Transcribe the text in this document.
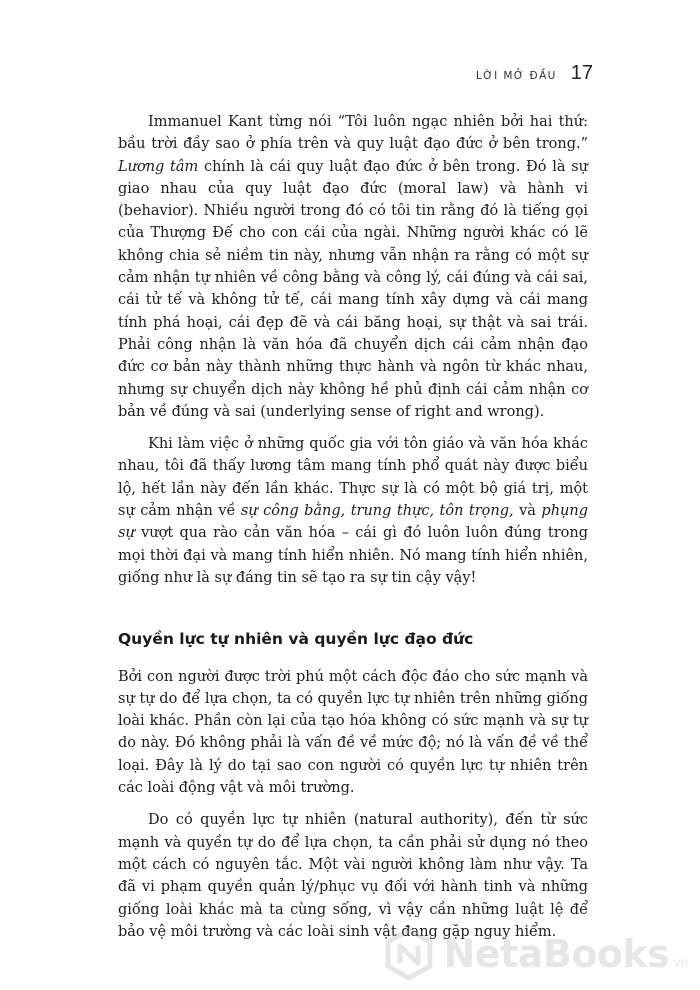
LỜI MỞ ĐẦU 17

Immanuel Kant từng nói “Tôi luôn ngạc nhiên bởi hai thứ: bầu trời đầy sao ở phía trên và quy luật đạo đức ở bên trong.” Lương tâm chính là cái quy luật đạo đức ở bên trong. Đó là sự giao nhau của quy luật đạo đức (moral law) và hành vi (behavior). Nhiều người trong đó có tôi tin rằng đó là tiếng gọi của Thượng Đế cho con cái của ngài. Những người khác có lẽ không chia sẻ niềm tin này, nhưng vẫn nhận ra rằng có một sự cảm nhận tự nhiên về công bằng và công lý, cái đúng và cái sai, cái tử tế và không tử tế, cái mang tính xây dựng và cái mang tính phá hoại, cái đẹp đẽ và cái băng hoại, sự thật và sai trái. Phải công nhận là văn hóa đã chuyển dịch cái cảm nhận đạo đức cơ bản này thành những thực hành và ngôn từ khác nhau, nhưng sự chuyển dịch này không hề phủ định cái cảm nhận cơ bản về đúng và sai (underlying sense of right and wrong).

Khi làm việc ở những quốc gia với tôn giáo và văn hóa khác nhau, tôi đã thấy lương tâm mang tính phổ quát này được biểu lộ, hết lần này đến lần khác. Thực sự là có một bộ giá trị, một sự cảm nhận về sự công bằng, trung thực, tôn trọng, và phụng sự vượt qua rào cản văn hóa – cái gì đó luôn luôn đúng trong mọi thời đại và mang tính hiển nhiên. Nó mang tính hiển nhiên, giống như là sự đáng tin sẽ tạo ra sự tin cậy vậy!

Quyền lực tự nhiên và quyền lực đạo đức

Bởi con người được trời phú một cách độc đáo cho sức mạnh và sự tự do để lựa chọn, ta có quyền lực tự nhiên trên những giống loài khác. Phần còn lại của tạo hóa không có sức mạnh và sự tự do này. Đó không phải là vấn đề về mức độ; nó là vấn đề về thể loại. Đây là lý do tại sao con người có quyền lực tự nhiên trên các loài động vật và môi trường.

Do có quyền lực tự nhiên (natural authority), đến từ sức mạnh và quyền tự do để lựa chọn, ta cần phải sử dụng nó theo một cách có nguyên tắc. Một vài người không làm như vậy. Ta đã vi phạm quyền quản lý/phục vụ đối với hành tinh và những giống loài khác mà ta cùng sống, vì vậy cần những luật lệ để bảo vệ môi trường và các loài sinh vật đang gặp nguy hiểm.

NetaBooks.vn
